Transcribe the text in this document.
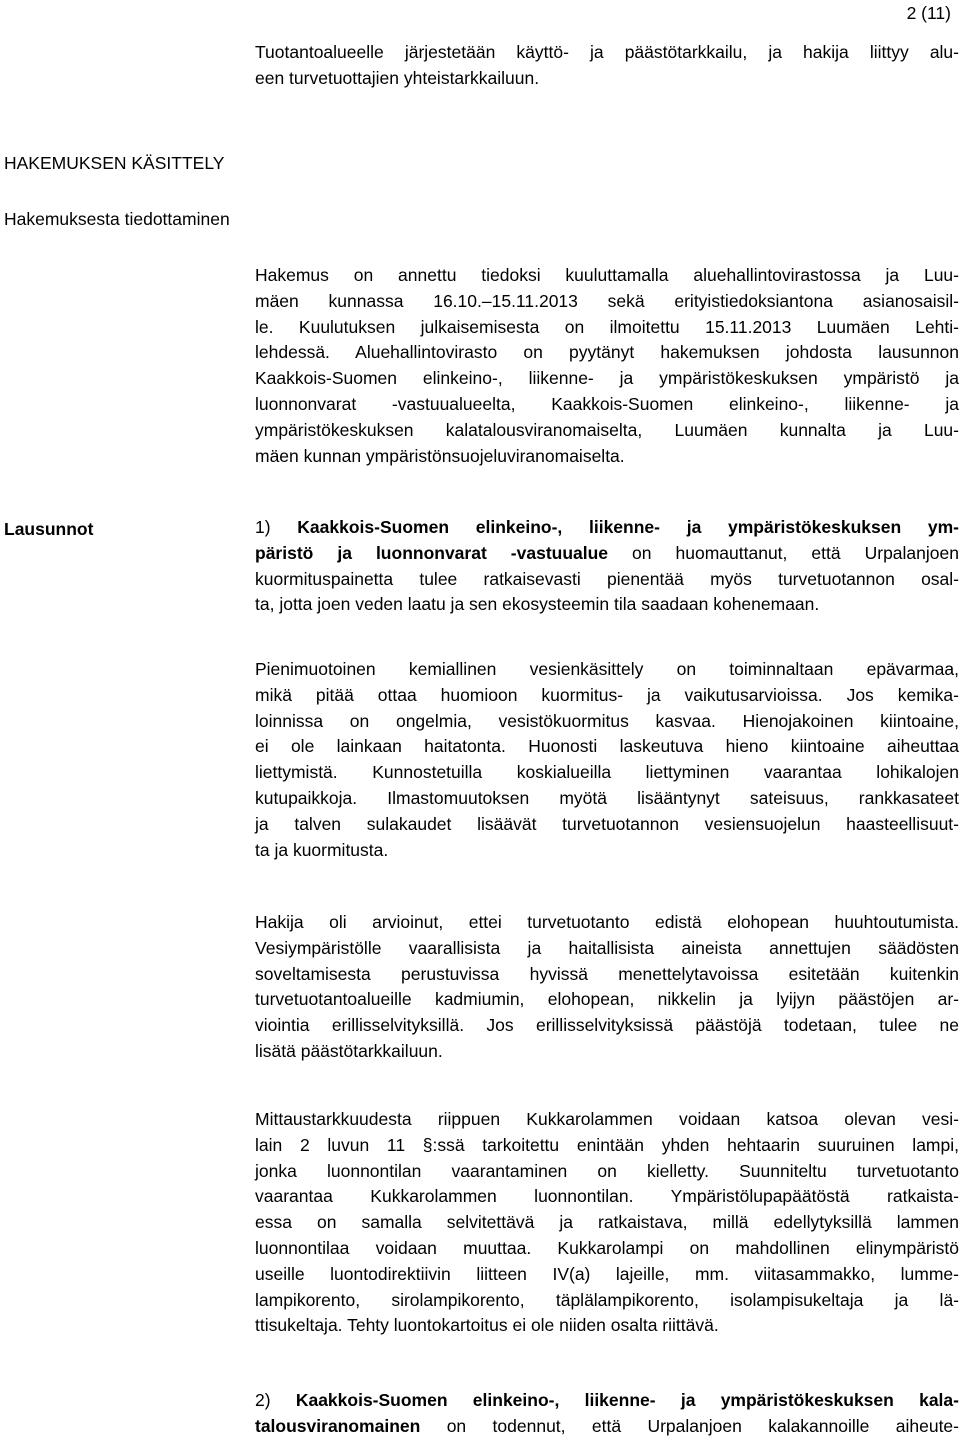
2 (11)
Tuotantoalueelle järjestetään käyttö- ja päästötarkkailu, ja hakija liittyy alu-
een turvetuottajien yhteistarkkailuun.
HAKEMUKSEN KÄSITTELY
Hakemuksesta tiedottaminen
Hakemus on annettu tiedoksi kuuluttamalla aluehallintovirastossa ja Luu-
mäen kunnassa 16.10.–15.11.2013 sekä erityistiedoksiantona asianosaisil-
le. Kuulutuksen julkaisemisesta on ilmoitettu 15.11.2013 Luumäen Lehti-
lehdessä. Aluehallintovirasto on pyytänyt hakemuksen johdosta lausunnon
Kaakkois-Suomen elinkeino-, liikenne- ja ympäristökeskuksen ympäristö ja
luonnonvarat -vastuualueelta, Kaakkois-Suomen elinkeino-, liikenne- ja
ympäristökeskuksen kalatalousviranomaiselta, Luumäen kunnalta ja Luu-
mäen kunnan ympäristönsuojeluviranomaiselta.
Lausunnot	1) Kaakkois-Suomen elinkeino-, liikenne- ja ympäristökeskuksen ym-
päristö ja luonnonvarat -vastuualue on huomauttanut, että Urpalanjoen
kuormituspainetta tulee ratkaisevasti pienentää myös turvetuotannon osal-
ta, jotta joen veden laatu ja sen ekosysteemin tila saadaan kohenemaan.
Pienimuotoinen kemiallinen vesienkäsittely on toiminnaltaan epävarmaa,
mikä pitää ottaa huomioon kuormitus- ja vaikutusarvioissa. Jos kemika-
loinnissa on ongelmia, vesistökuormitus kasvaa. Hienojakoinen kiintoaine,
ei ole lainkaan haitatonta. Huonosti laskeutuva hieno kiintoaine aiheuttaa
liettymistä. Kunnostetuilla koskialueilla liettyminen vaarantaa lohikalojen
kutupaikkoja. Ilmastomuutoksen myötä lisääntynyt sateisuus, rankkasateet
ja talven sulakaudet lisäävät turvetuotannon vesiensuojelun haasteellisuut-
ta ja kuormitusta.
Hakija oli arvioinut, ettei turvetuotanto edistä elohopean huuhtoutumista.
Vesiympäristölle vaarallisista ja haitallisista aineista annettujen säädösten
soveltamisesta perustuvissa hyvissä menettelytavoissa esitetään kuitenkin
turvetuotantoalueille kadmiumin, elohopean, nikkelin ja lyijyn päästöjen ar-
viointia erillisselvityksillä. Jos erillisselvityksissä päästöjä todetaan, tulee ne
lisätä päästötarkkailuun.
Mittaustarkkuudesta riippuen Kukkarolammen voidaan katsoa olevan vesi-
lain 2 luvun 11 §:ssä tarkoitettu enintään yhden hehtaarin suuruinen lampi,
jonka luonnontilan vaarantaminen on kielletty. Suunniteltu turvetuotanto
vaarantaa Kukkarolammen luonnontilan. Ympäristölupapäätöstä ratkaista-
essa on samalla selvitettävä ja ratkaistava, millä edellytyksillä lammen
luonnontilaa voidaan muuttaa. Kukkarolampi on mahdollinen elinympäristö
useille luontodirektiivin liitteen IV(a) lajeille, mm. viitasammakko, lumme-
lampikorento, sirolampikorento, täplälampikorento, isolampisukeltaja ja lä-
ttisukeltaja. Tehty luontokartoitus ei ole niiden osalta riittävä.
2) Kaakkois-Suomen elinkeino-, liikenne- ja ympäristökeskuksen kala-
talousviranomainen on todennut, että Urpalanjoen kalakannoille aiheute-
